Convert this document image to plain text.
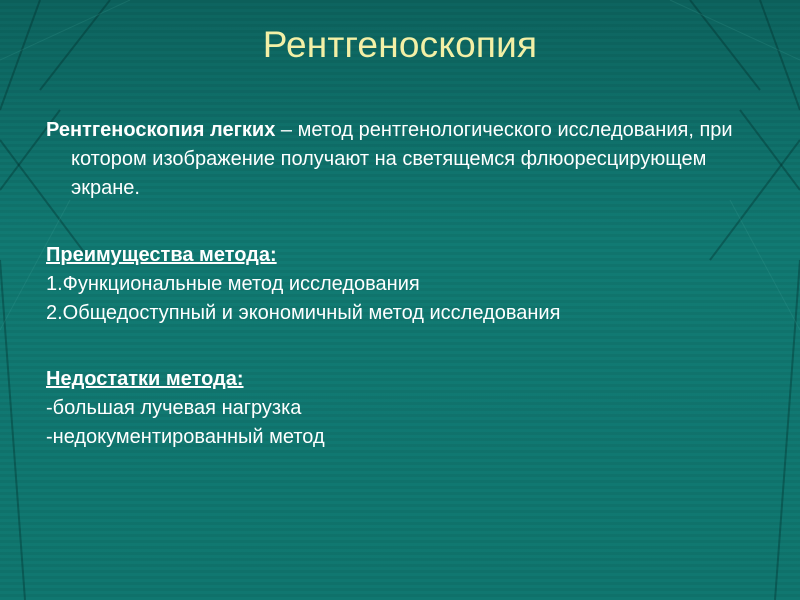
Рентгеноскопия

Рентгеноскопия легких – метод рентгенологического исследования, при котором изображение получают на светящемся флюоресцирующем экране.

Преимущества метода:

1.Функциональные метод исследования

2.Общедоступный и экономичный метод исследования

Недостатки метода:

-большая лучевая нагрузка

-недокументированный метод
